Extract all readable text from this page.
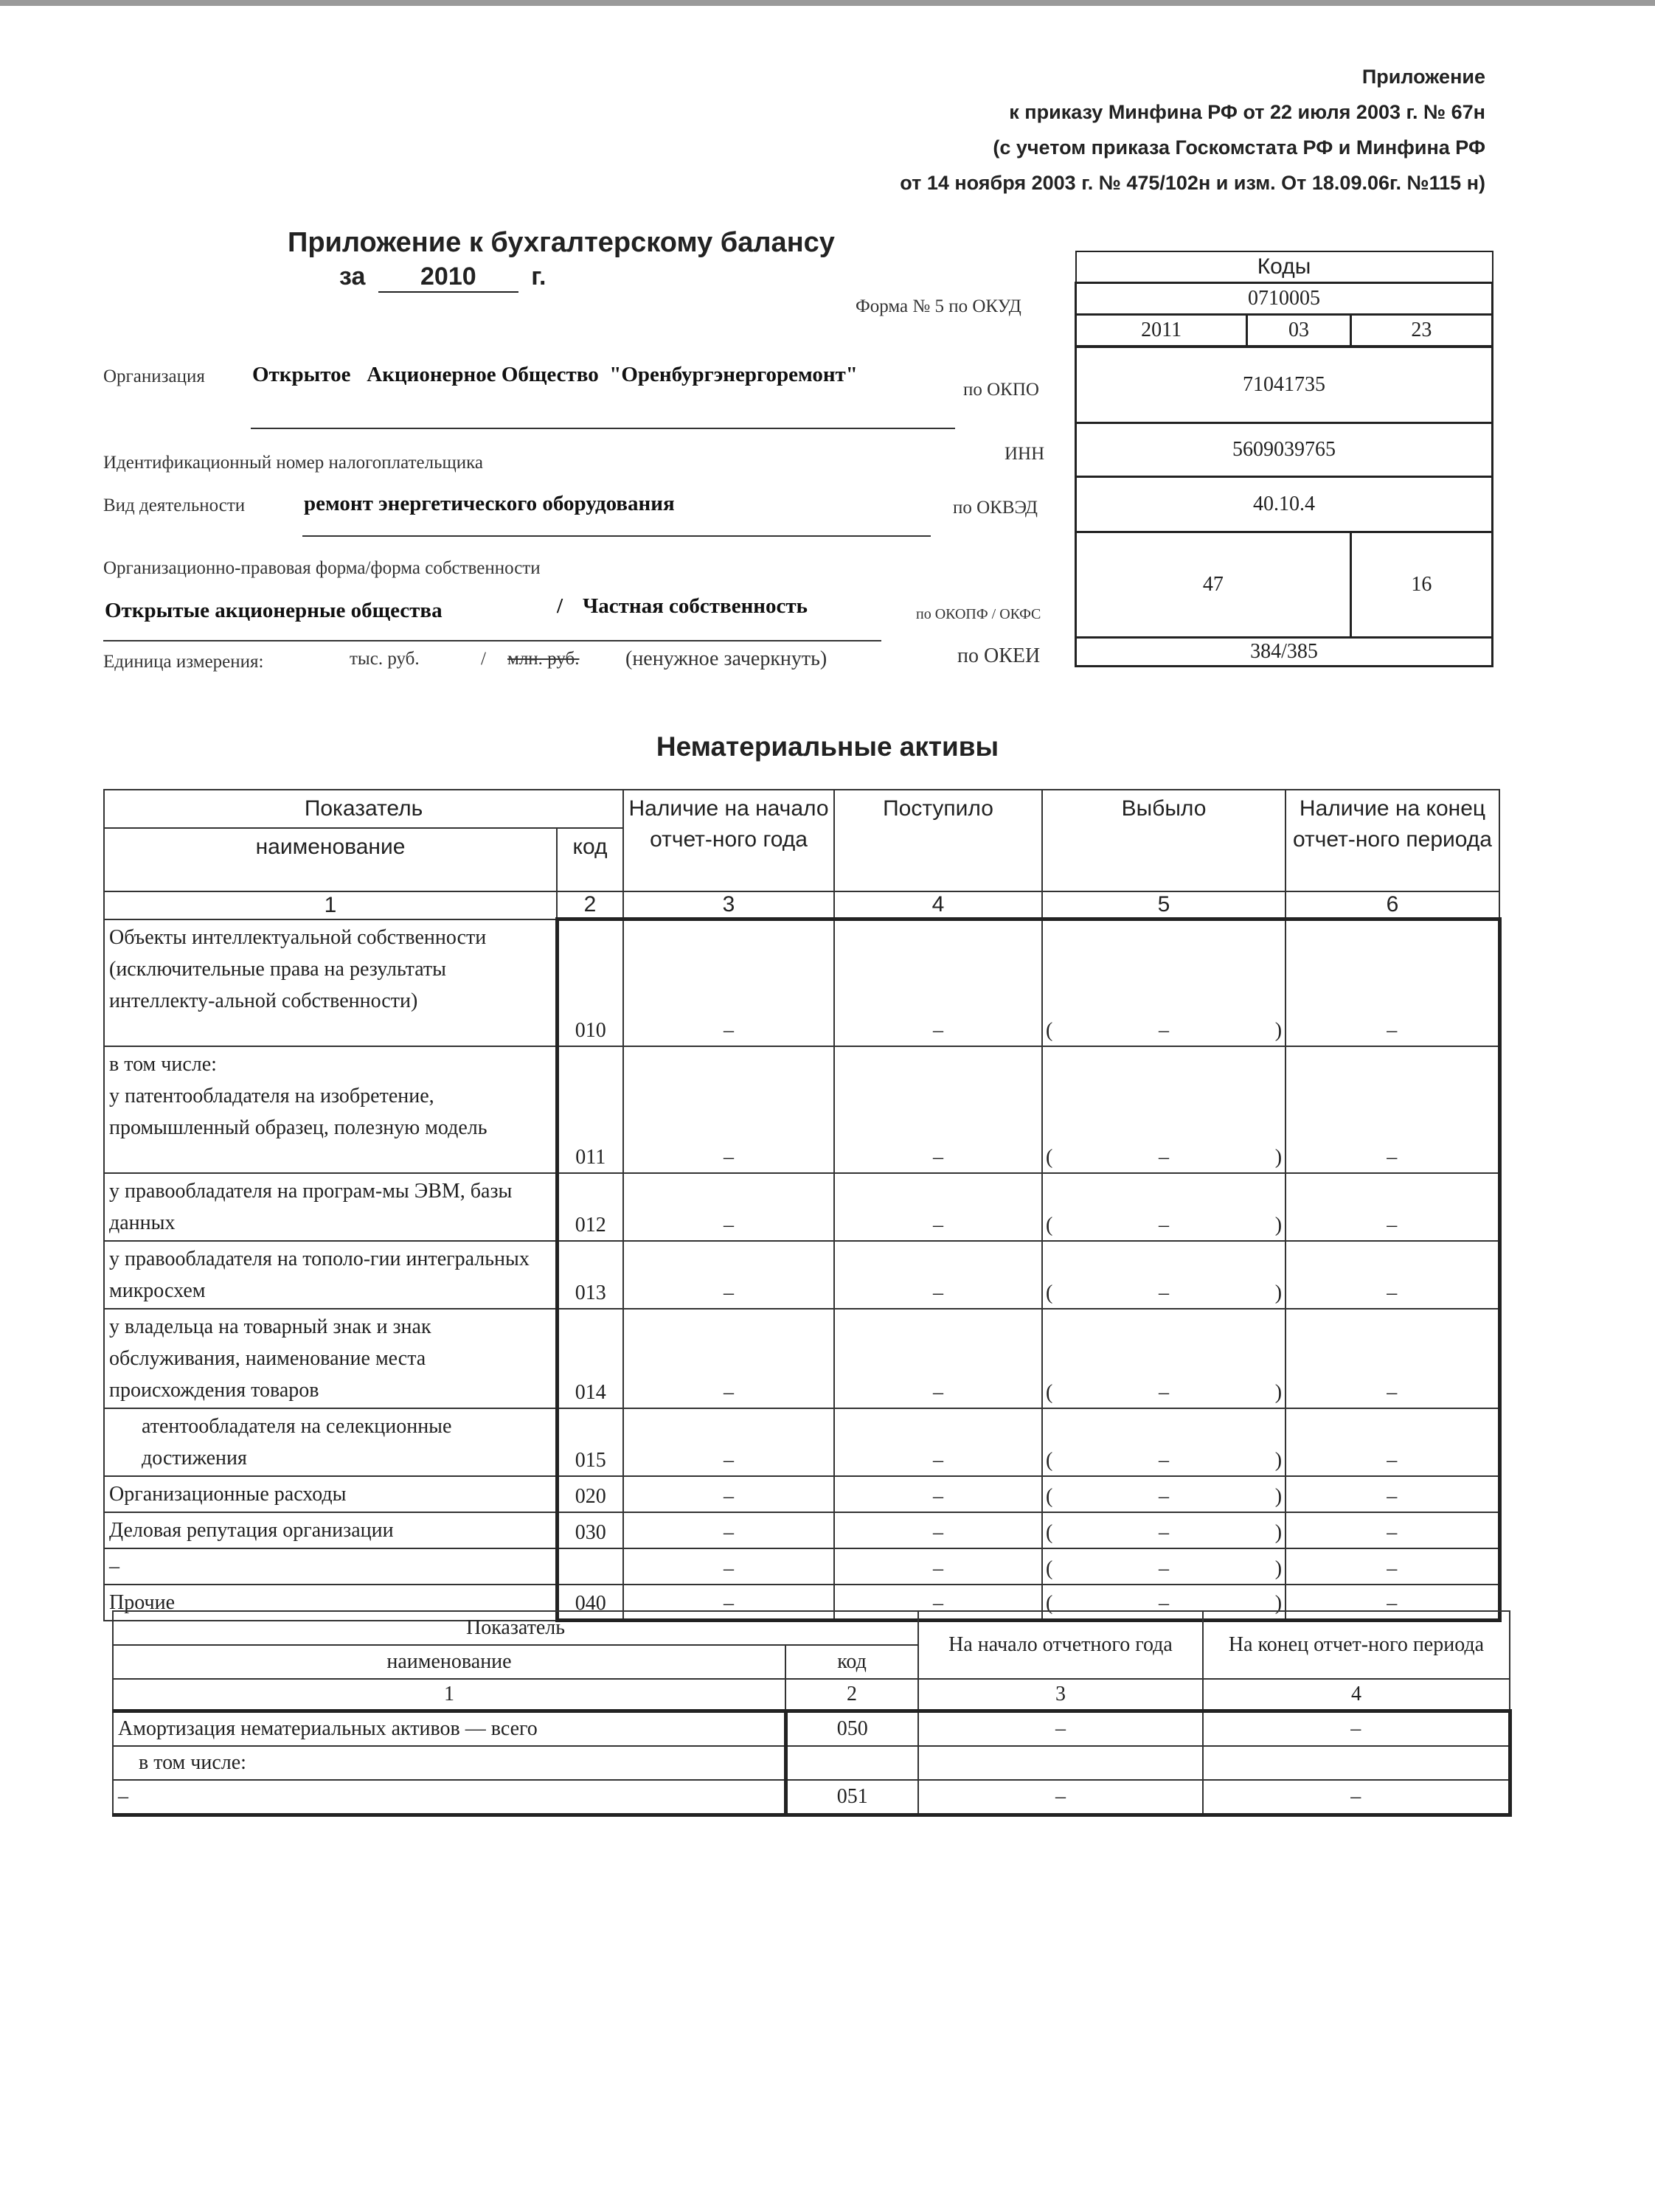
Приложение
к приказу Минфина РФ от 22 июля 2003 г. № 67н
(с учетом приказа Госкомстата РФ и Минфина РФ
от 14 ноября 2003 г. № 475/102н и изм. От 18.09.06г. №115 н)
Приложение к бухгалтерскому балансу
за 2010 г.
Форма № 5 по ОКУД
Организация Открытое   Акционерное Общество  "Оренбургэнергоремонт"
по ОКПО
Идентификационный номер налогоплательщика	ИНН
Вид деятельности	ремонт энергетического оборудования	по ОКВЭД
Организационно-правовая форма/форма собственности
Открытые акционерные общества	/ Частная собственность	по ОКОПФ / ОКФС
Единица измерения:	тыс. руб.	/ млн. руб. (ненужное зачеркнуть)	по ОКЕИ
Коды		
0710005		
2011	03	23
71041735		
5609039765		
40.10.4		
47		16
384/385		
Нематериальные активы
Показатель		Наличие на начало отчет-ного года	Поступило	Выбыло	Наличие на конец отчет-ного периода
наименование	код				
1	2	3	4	5	6
Объекты интеллектуальной собственности (исключительные права на результаты интеллекту-альной собственности)	010	–	–	( – )	–
в том числе:
у патентообладателя на изобретение, промышленный образец, полезную модель	011	–	–	( – )	–
у правообладателя на програм-мы ЭВМ, базы данных	012	–	–	( – )	–
у правообладателя на тополо-гии интегральных микросхем	013	–	–	( – )	–
у владельца на товарный знак и знак обслуживания, наименование места происхождения товаров	014	–	–	( – )	–
атентообладателя на селекционные достижения	015	–	–	( – )	–
Организационные расходы	020	–	–	( – )	–
Деловая репутация организации	030	–	–	( – )	–
–		–	–	( – )	–
Прочие	040	–	–	( – )	–
Показатель		На начало отчетного года	На конец отчет-ного периода
наименование	код		
1	2	3	4
Амортизация нематериальных активов — всего	050	–	–
в том числе:			
–	051	–	–
